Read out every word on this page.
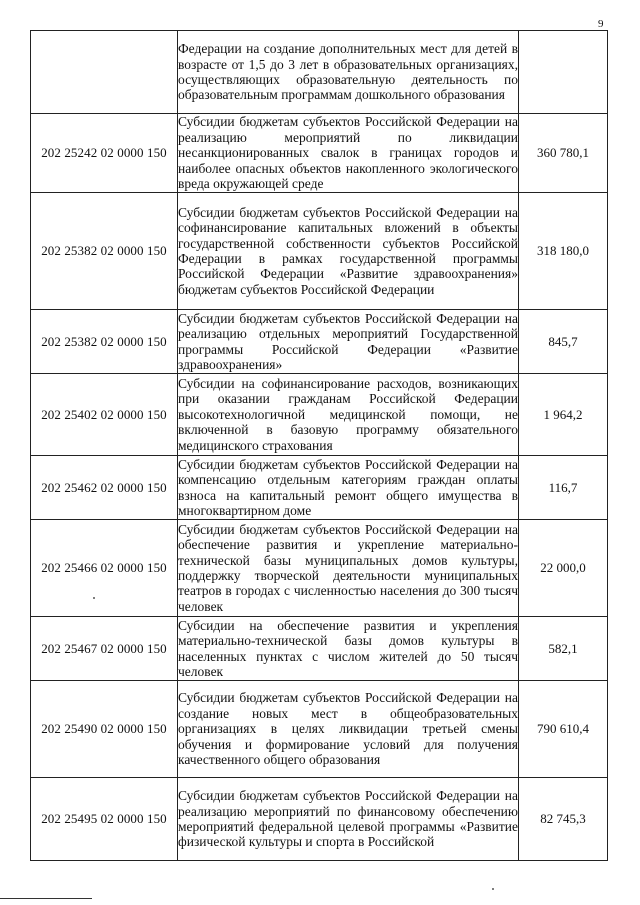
9
	Федерации на создание дополнительных мест для детей в возрасте от 1,5 до 3 лет в образовательных организациях, осуществляющих образовательную деятельность по образовательным программам дошкольного образования	
202 25242 02 0000 150	Субсидии бюджетам субъектов Российской Федерации на реализацию мероприятий по ликвидации несанкционированных свалок в границах городов и наиболее опасных объектов накопленного экологического вреда окружающей среде	360 780,1
202 25382 02 0000 150	Субсидии бюджетам субъектов Российской Федерации на софинансирование капитальных вложений в объекты государственной собственности субъектов Российской Федерации в рамках государственной программы Российской Федерации «Развитие здравоохранения» бюджетам субъектов Российской Федерации	318 180,0
202 25382 02 0000 150	Субсидии бюджетам субъектов Российской Федерации на реализацию отдельных мероприятий Государственной программы Российской Федерации «Развитие здравоохранения»	845,7
202 25402 02 0000 150	Субсидии на софинансирование расходов, возникающих при оказании гражданам Российской Федерации высокотехнологичной медицинской помощи, не включенной в базовую программу обязательного медицинского страхования	1 964,2
202 25462 02 0000 150	Субсидии бюджетам субъектов Российской Федерации на компенсацию отдельным категориям граждан оплаты взноса на капитальный ремонт общего имущества в многоквартирном доме	116,7
202 25466 02 0000 150	Субсидии бюджетам субъектов Российской Федерации на обеспечение развития и укрепление материально-технической базы муниципальных домов культуры, поддержку творческой деятельности муниципальных театров в городах с численностью населения до 300 тысяч человек	22 000,0
202 25467 02 0000 150	Субсидии на обеспечение развития и укрепления материально-технической базы домов культуры в населенных пунктах с числом жителей до 50 тысяч человек	582,1
202 25490 02 0000 150	Субсидии бюджетам субъектов Российской Федерации на создание новых мест в общеобразовательных организациях в целях ликвидации третьей смены обучения и формирование условий для получения качественного общего образования	790 610,4
202 25495 02 0000 150	Субсидии бюджетам субъектов Российской Федерации на реализацию мероприятий по финансовому обеспечению мероприятий федеральной целевой программы «Развитие физической культуры и спорта в Российской	82 745,3
